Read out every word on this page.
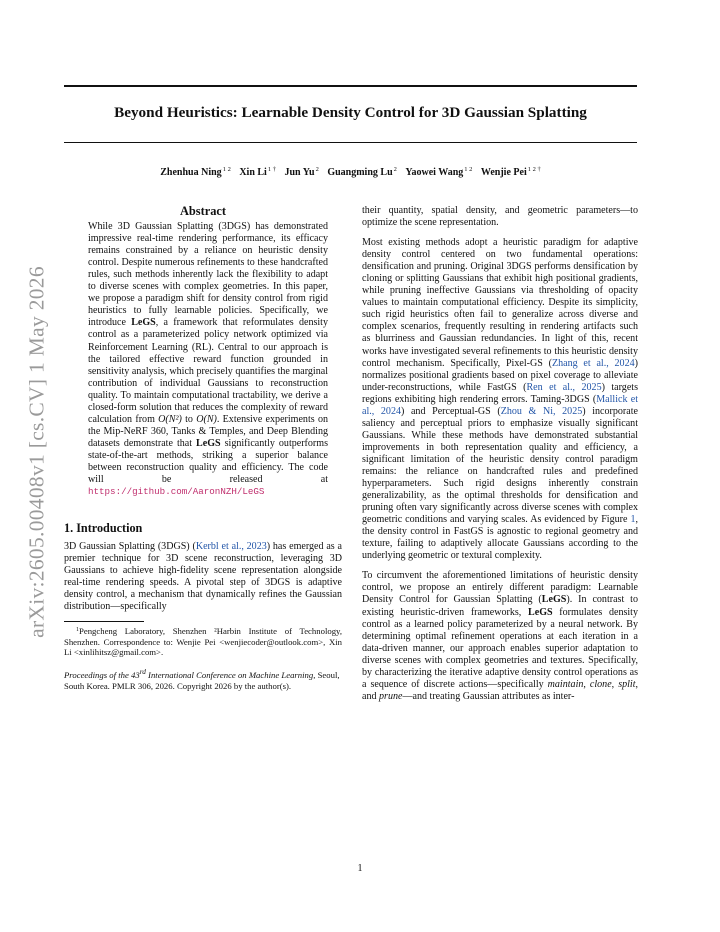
arXiv:2605.00408v1 [cs.CV] 1 May 2026
Beyond Heuristics: Learnable Density Control for 3D Gaussian Splatting
Zhenhua Ning$^{1 2}$ Xin $Li^{1 \dagger}$ Jun Yu$^2$ Guangming Lu$^2$ Yaowei Wang$^{1 2}$ Wenjie Pei$^{1 2 \dagger}$
Abstract
While 3D Gaussian Splatting (3DGS) has demonstrated impressive real-time rendering performance, its efficacy remains constrained by a reliance on heuristic density control. Despite numerous refinements to these handcrafted rules, such methods inherently lack the flexibility to adapt to diverse scenes with complex geometries. In this paper, we propose a paradigm shift for density control from rigid heuristics to fully learnable policies. Specifically, we introduce LeGS, a framework that reformulates density control as a parameterized policy network optimized via Reinforcement Learning (RL). Central to our approach is the tailored effective reward function grounded in sensitivity analysis, which precisely quantifies the marginal contribution of individual Gaussians to reconstruction quality. To maintain computational tractability, we derive a closed-form solution that reduces the complexity of reward calculation from O(N²) to O(N). Extensive experiments on the Mip-NeRF 360, Tanks & Temples, and Deep Blending datasets demonstrate that LeGS significantly outperforms state-of-the-art methods, striking a superior balance between reconstruction quality and efficiency. The code will be released at https://github.com/AaronNZH/LeGS
1. Introduction

3D Gaussian Splatting (3DGS) (Kerbl et al., 2023) has emerged as a premier technique for 3D scene reconstruction, leveraging 3D Gaussians to achieve high-fidelity scene representation alongside real-time rendering speeds. A pivotal step of 3DGS is adaptive density control, a mechanism that dynamically refines the Gaussian distribution—specifically

$^1$Pengcheng Laboratory, Shenzhen ²Harbin Institute of Technology, Shenzhen. Correspondence to: Wenjie Pei <wenjiecoder@outlook.com>, Xin Li <xinlihitsz@gmail.com>.
Proceedings of the 43rd International Conference on Machine Learning, Seoul, South Korea. PMLR 306, 2026. Copyright 2026 by the author(s).

their quantity, spatial density, and geometric parameters—to optimize the scene representation.

Most existing methods adopt a heuristic paradigm for adaptive density control centered on two fundamental operations: densification and pruning. Original 3DGS performs densification by cloning or splitting Gaussians that exhibit high positional gradients, while pruning ineffective Gaussians via thresholding of opacity values to maintain computational efficiency. Despite its simplicity, such rigid heuristics often fail to generalize across diverse and complex scenarios, frequently resulting in rendering artifacts such as blurriness and Gaussian redundancies. In light of this, recent works have investigated several refinements to this heuristic density control mechanism. Specifically, Pixel-GS (Zhang et al., 2024) normalizes positional gradients based on pixel coverage to alleviate under-reconstructions, while FastGS (Ren et al., 2025) targets regions exhibiting high rendering errors. Taming-3DGS (Mallick et al., 2024) and Perceptual-GS (Zhou & Ni, 2025) incorporate saliency and perceptual priors to emphasize visually significant Gaussians. While these methods have demonstrated substantial improvements in both representation quality and efficiency, a significant limitation of the heuristic density control paradigm remains: the reliance on handcrafted rules and predefined hyperparameters. Such rigid designs inherently constrain generalizability, as the optimal thresholds for densification and pruning often vary significantly across diverse scenes with complex geometric conditions and varying scales. As evidenced by Figure 1, the density control in FastGS is agnostic to regional geometry and texture, failing to adaptively allocate Gaussians according to the underlying geometric or textural complexity.

To circumvent the aforementioned limitations of heuristic density control, we propose an entirely different paradigm: Learnable Density Control for Gaussian Splatting (LeGS). In contrast to existing heuristic-driven frameworks, LeGS formulates density control as a learned policy parameterized by a neural network. By determining optimal refinement operations at each iteration in a data-driven manner, our approach enables superior adaptation to diverse scenes with complex geometries and textures. Specifically, by characterizing the iterative adaptive density control operations as a sequence of discrete actions—specifically maintain, clone, split, and prune—and treating Gaussian attributes as inter-

1
